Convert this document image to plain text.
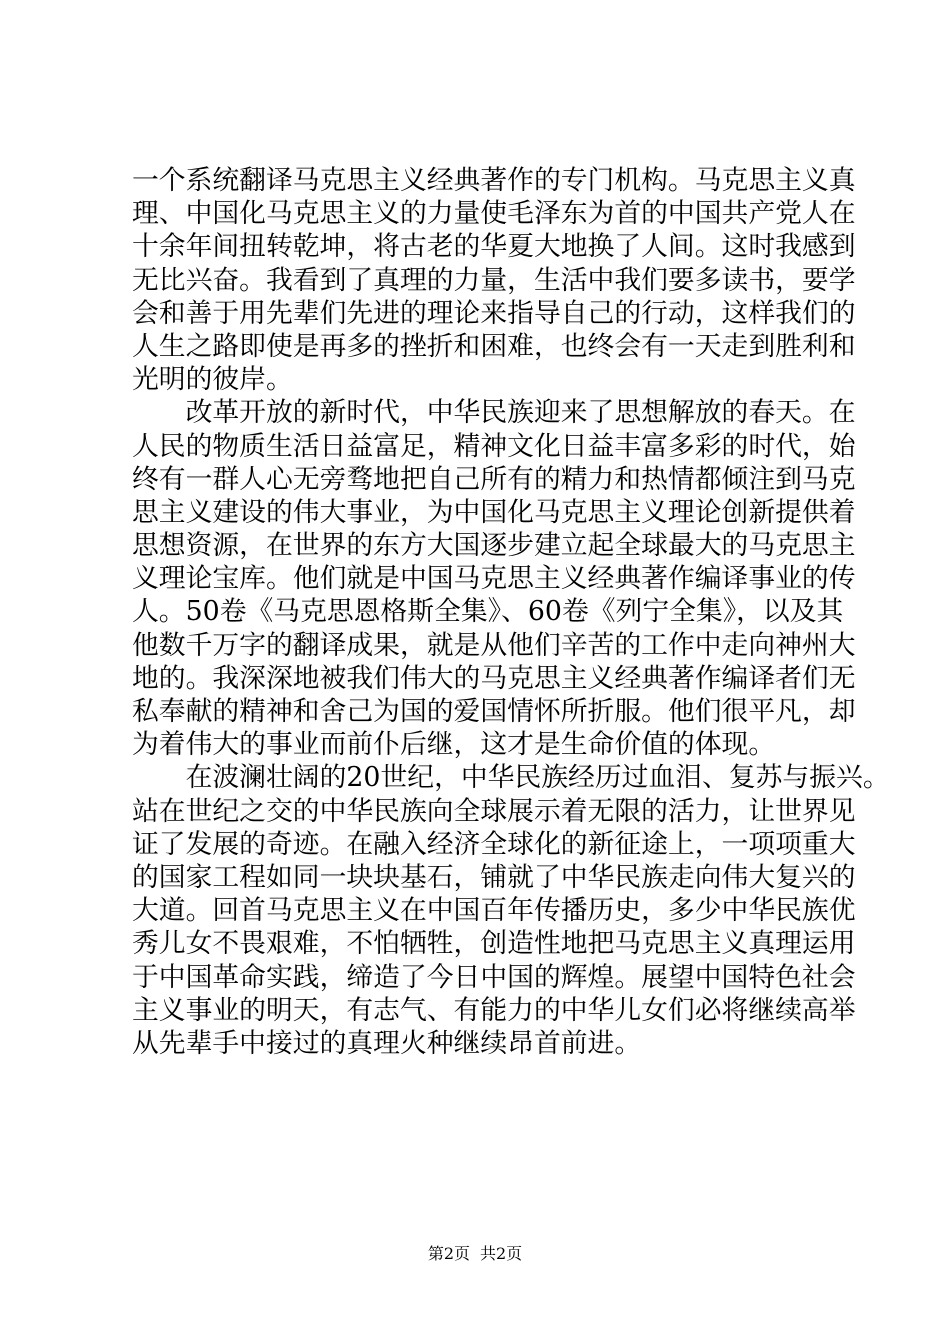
一个系统翻译马克思主义经典著作的专门机构。马克思主义真
理、中国化马克思主义的力量使毛泽东为首的中国共产党人在
十余年间扭转乾坤，将古老的华夏大地换了人间。这时我感到
无比兴奋。我看到了真理的力量，生活中我们要多读书，要学
会和善于用先辈们先进的理论来指导自己的行动，这样我们的
人生之路即使是再多的挫折和困难，也终会有一天走到胜利和
光明的彼岸。
　　改革开放的新时代，中华民族迎来了思想解放的春天。在
人民的物质生活日益富足，精神文化日益丰富多彩的时代，始
终有一群人心无旁骛地把自己所有的精力和热情都倾注到马克
思主义建设的伟大事业，为中国化马克思主义理论创新提供着
思想资源，在世界的东方大国逐步建立起全球最大的马克思主
义理论宝库。他们就是中国马克思主义经典著作编译事业的传
人。50卷《马克思恩格斯全集》、60卷《列宁全集》，以及其
他数千万字的翻译成果，就是从他们辛苦的工作中走向神州大
地的。我深深地被我们伟大的马克思主义经典著作编译者们无
私奉献的精神和舍己为国的爱国情怀所折服。他们很平凡，却
为着伟大的事业而前仆后继，这才是生命价值的体现。
　　在波澜壮阔的20世纪，中华民族经历过血泪、复苏与振兴。
站在世纪之交的中华民族向全球展示着无限的活力，让世界见
证了发展的奇迹。在融入经济全球化的新征途上，一项项重大
的国家工程如同一块块基石，铺就了中华民族走向伟大复兴的
大道。回首马克思主义在中国百年传播历史，多少中华民族优
秀儿女不畏艰难，不怕牺牲，创造性地把马克思主义真理运用
于中国革命实践，缔造了今日中国的辉煌。展望中国特色社会
主义事业的明天，有志气、有能力的中华儿女们必将继续高举
从先辈手中接过的真理火种继续昂首前进。
第2页 共2页
